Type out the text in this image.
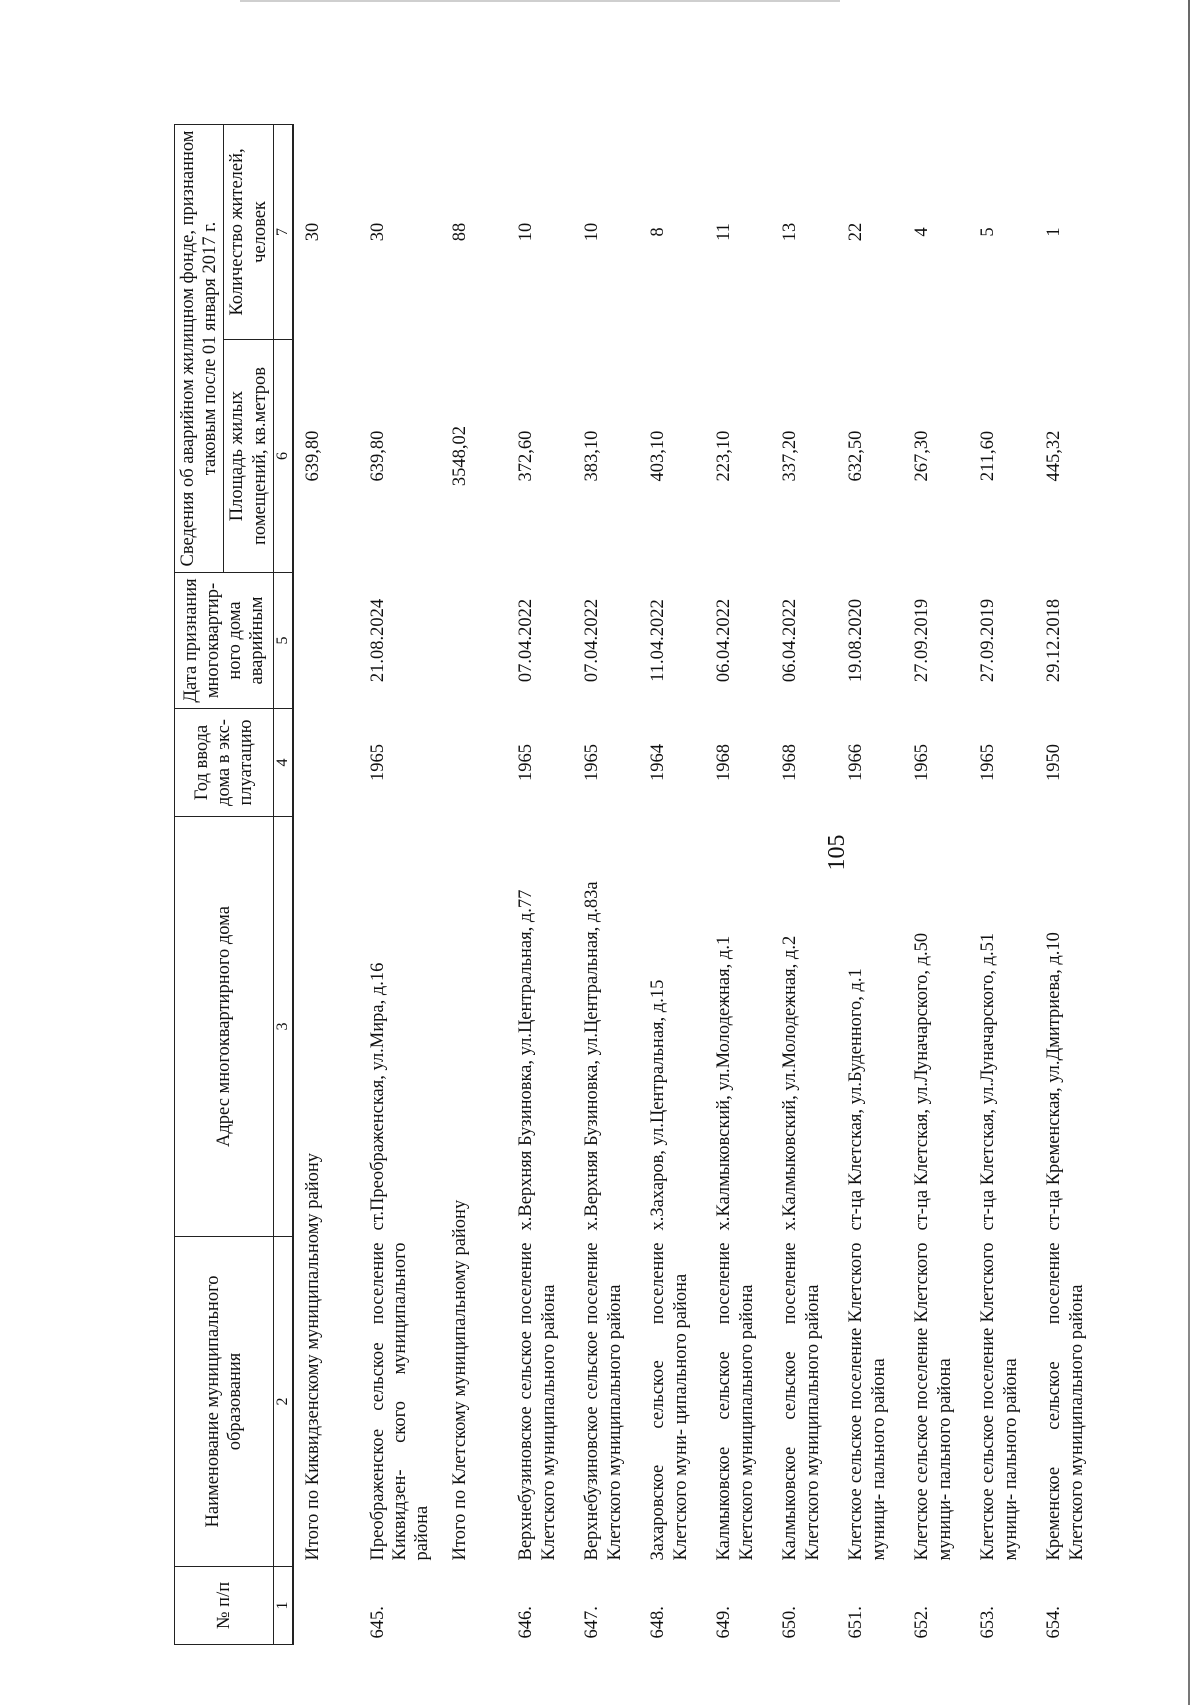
105
№ п/п	Наименование муниципального образования	Адрес многоквартирного дома	Год ввода дома в экс- плуатацию	Дата признания многоквартир- ного дома аварийным	Сведения об аварийном жилищном фонде, признанном таковым после 01 января 2017 г.	
					Площадь жилых помещений, кв.метров	Количество жителей, человек
1	2	3	4	5	6	7
	Итого по Киквидзенскому муниципальному району				639,80	30
645.	Преображенское сельское поселение Киквидзен- ского муниципального района	ст.Преображенская, ул.Мира, д.16	1965	21.08.2024	639,80	30
	Итого по Клетскому муниципальному району				3548,02	88
646.	Верхнебузиновское сельское поселение Клетского муниципального района	х.Верхняя Бузиновка, ул.Центральная, д.77	1965	07.04.2022	372,60	10
647.	Верхнебузиновское сельское поселение Клетского муниципального района	х.Верхняя Бузиновка, ул.Центральная, д.83а	1965	07.04.2022	383,10	10
648.	Захаровское сельское поселение Клетского муни- ципального района	х.Захаров, ул.Центральная, д.15	1964	11.04.2022	403,10	8
649.	Калмыковское сельское поселение Клетского муниципального района	х.Калмыковский, ул.Молодежная, д.1	1968	06.04.2022	223,10	11
650.	Калмыковское сельское поселение Клетского муниципального района	х.Калмыковский, ул.Молодежная, д.2	1968	06.04.2022	337,20	13
651.	Клетское сельское поселение Клетского муници- пального района	ст-ца Клетская, ул.Буденного, д.1	1966	19.08.2020	632,50	22
652.	Клетское сельское поселение Клетского муници- пального района	ст-ца Клетская, ул.Луначарского, д.50	1965	27.09.2019	267,30	4
653.	Клетское сельское поселение Клетского муници- пального района	ст-ца Клетская, ул.Луначарского, д.51	1965	27.09.2019	211,60	5
654.	Кременское сельское поселение Клетского муниципального района	ст-ца Кременская, ул.Дмитриева, д.10	1950	29.12.2018	445,32	1
